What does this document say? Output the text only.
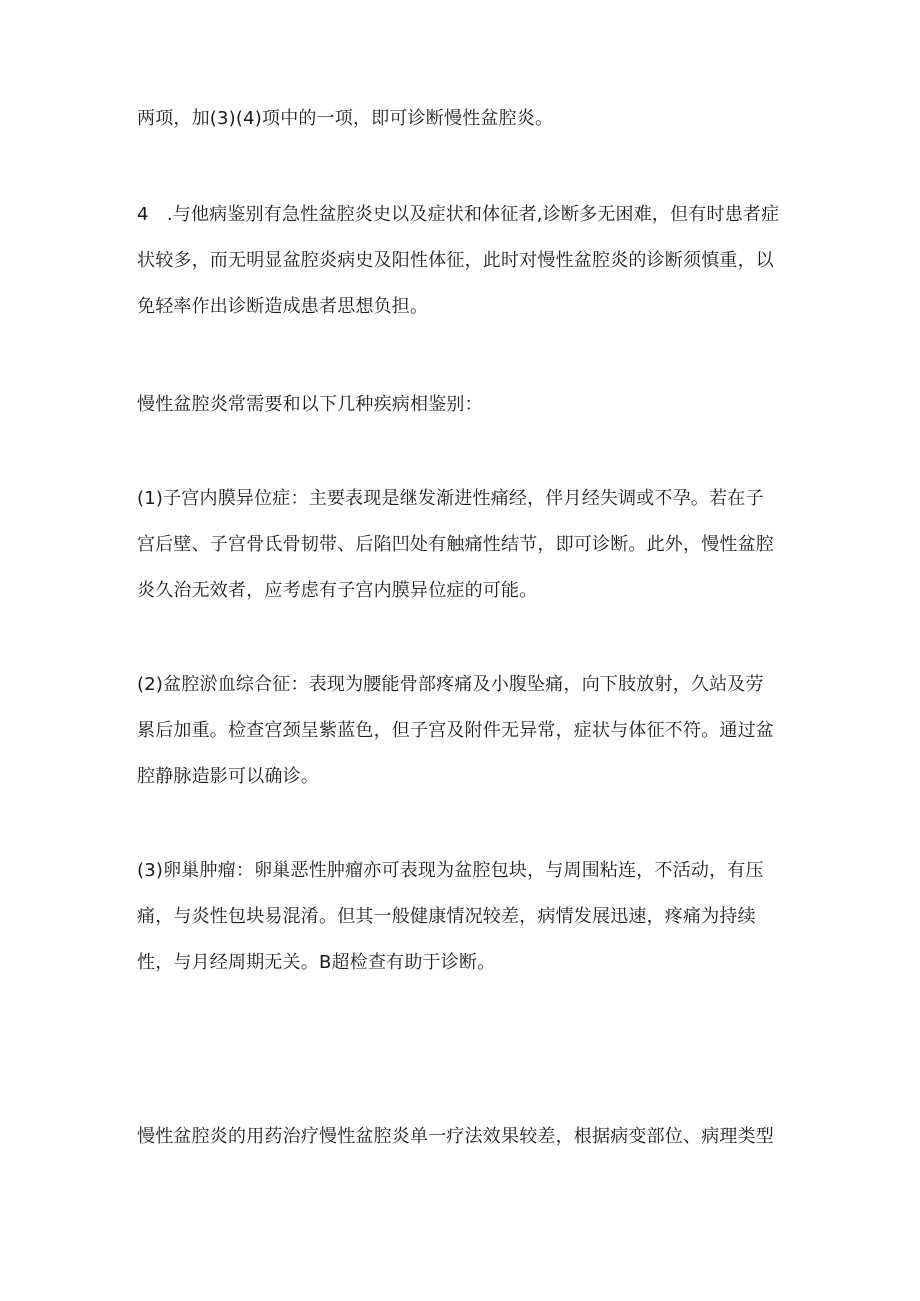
两项，加(3)(4)项中的一项，即可诊断慢性盆腔炎。

4　.与他病鉴别有急性盆腔炎史以及症状和体征者,诊断多无困难，但有时患者症
状较多，而无明显盆腔炎病史及阳性体征，此时对慢性盆腔炎的诊断须慎重，以
免轻率作出诊断造成患者思想负担。

慢性盆腔炎常需要和以下几种疾病相鉴别：

(1)子宫内膜异位症：主要表现是继发渐进性痛经，伴月经失调或不孕。若在子
宫后壁、子宫骨氐骨韧带、后陷凹处有触痛性结节，即可诊断。此外，慢性盆腔
炎久治无效者，应考虑有子宫内膜异位症的可能。

(2)盆腔淤血综合征：表现为腰能骨部疼痛及小腹坠痛，向下肢放射，久站及劳
累后加重。检查宫颈呈紫蓝色，但子宫及附件无异常，症状与体征不符。通过盆
腔静脉造影可以确诊。

(3)卵巢肿瘤：卵巢恶性肿瘤亦可表现为盆腔包块，与周围粘连，不活动，有压
痛，与炎性包块易混淆。但其一般健康情况较差，病情发展迅速，疼痛为持续
性，与月经周期无关。B超检查有助于诊断。

慢性盆腔炎的用药治疗慢性盆腔炎单一疗法效果较差，根据病变部位、病理类型
